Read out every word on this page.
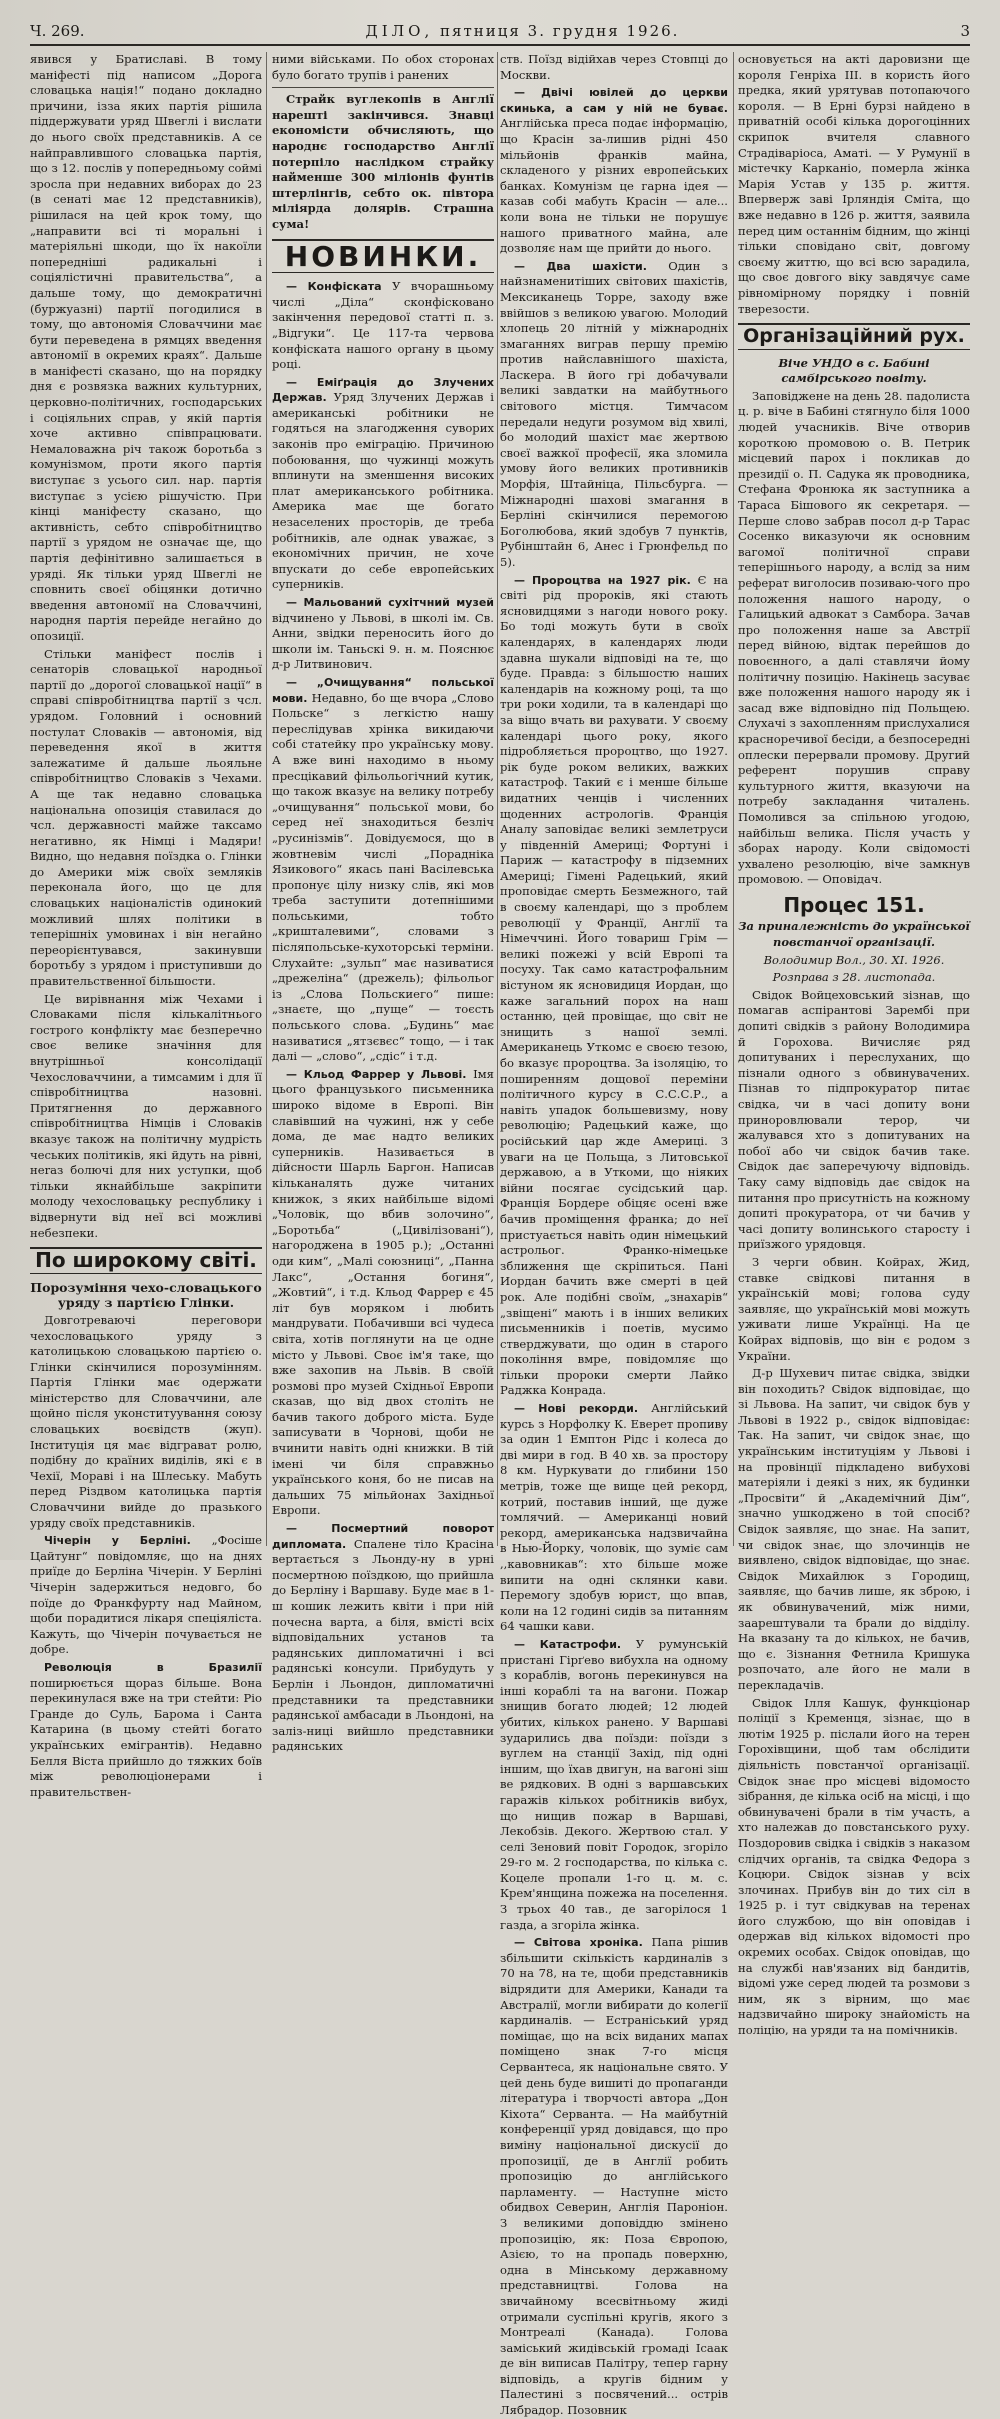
Ч. 269.	ДІЛО, пятниця 3. грудня 1926.	3

явився у Братиславі. В тому маніфесті під написом „Дорога словацька нація!“ подано докладно причини, ізза яких партія рішила піддержувати уряд Швеглі і вислати до нього своїх представників. А се найправлившого словацька партія, що з 12. послів у попередньому соймі зросла при недавних виборах до 23 (в сенаті має 12 представників), рішилася на цей крок тому, що „направити всі ті моральні і матеріяльні шкоди, що їх накоїли попередніші радикальні і соціялістичні правительства“, а дальше тому, що демократичні (буржуазні) партії погодилися в тому, що автономія Словаччини має бути переведена в рямцях введення автономії в окремих краях“. Дальше в маніфесті сказано, що на порядку дня є розвязка важних культурних, церковно-політичних, господарських і соціяльних справ, у якій партія хоче активно співпрацювати. Немаловажна річ також боротьба з комунізмом, проти якого партія виступає з усього сил. нар. партія виступає з усією рішучістю. При кінці маніфесту сказано, що активність, себто співробітництво партії з урядом не означає ще, що партія дефінітивно залишається в уряді. Як тільки уряд Швеглі не сповнить своєї обіцянки дотично введення автономії на Словаччині, народня партія перейде негайно до опозиції.

Стільки маніфест послів і сенаторів словацької народньої партії до „дорогої словацької нації“ в справі співробітництва партії з чсл. урядом. Головний і основний постулат Словаків — автономія, від переведення якої в життя залежатиме й дальше льояльне співробітництво Словаків з Чехами. А ще так недавно словацька національна опозиція ставилася до чсл. державності майже таксамо негативно, як Німці і Мадяри! Видно, що недавня поїздка о. Глінки до Америки між своїх земляків переконала його, що це для словацьких націоналістів одинокий можливий шлях політики в теперішніх умовинах і він негайно переорієнтувався, закинувши боротьбу з урядом і приступивши до правительственної більшости.

Це вирівнання між Чехами і Словаками після кількалітнього гострого конфлікту має безперечно своє велике значіння для внутрішньої консолідації Чехословаччини, а тимсамим і для її співробітництва назовні. Притягнення до державного співробітництва Німців і Словаків вказує також на політичну мудрість чеських політиків, які йдуть на рівні, неraз болючі для них уступки, щоб тільки якнайбільше закріпити молоду чехословацьку республику і відвернути від неї всі можливі небезпеки.

По широкому світі.
Порозуміння чехо-словацького уряду з партією Глінки.

Довготреваючі переговори чехословацького уряду з католицькою словацькою партією о. Глінки скінчилися порозумінням. Партія Глінки має одержати міністерство для Словаччини, але щойно після уконституування союзу словацьких воєвідств (жуп). Інституція ця має відграват ролю, подібну до країних виділів, які є в Чехії, Мораві і на Шлеську. Мабуть перед Різдвом католицька партія Словаччини вийде до празького уряду своїх представників.

Чічерін у Берліні. „Фосіше Цайтунг“ повідомляє, що на днях приїде до Берліна Чічерін. У Берліні Чічерін задержиться недовго, бо поїде до Франкфурту над Майном, щоби порадитися лікаря спеціяліста. Кажуть, що Чічерін почувається не добре.

Революція в Бразилії поширюється щораз більше. Вона перекинулася вже на три стейти: Ріо Гранде до Суль, Барома і Санта Катарина (в цьому стейті богато українських емігрантів). Недавно Белля Віста прийшло до тяжких боїв між революціонерами і правительствен-

ними військами. По обох сторонах було богато трупів і ранених

Страйк вуглекопів в Англії нарешті закінчився. Знавці економісти обчисляють, що народнє господарство Англії потерпіло наслідком страйку найменше 300 міліонів фунтів штерлінгів, себто ок. півтора міліярда долярів. Страшна сума!

НОВИНКИ.

— Конфіската У вчорашньому числі „Діла“ сконфісковано закінчення передової статті п. з. „Відгуки“. Це 117-та червова конфіската нашого органу в цьому році.

— Еміґрація до Злучених Держав. Уряд Злучених Держав і американські робітники не годяться на злагодження суворих законів про еміграцію. Причиною побоювання, що чужинці можуть вплинути на зменшення високих плат американського робітника. Америка має ще богато незаселених просторів, де треба робітників, але однак уважає, з економічних причин, не хоче впускати до себе европейських суперників.

— Мальований сухітчний музей відчинено у Львові, в школі ім. Св. Анни, звідки переносить його до школи ім. Таньскі 9. н. м. Пояснює д-р Литвинович.

— „Очищування“ польської мови. Недавно, бо ще вчора „Слово Польске“ з легкістю нашу переслідував хрінка викидаючи собі статейку про українську мову. А вже вині находимо в ньому пресцікавий фільольогічний кутик, що також вказує на велику потребу „очищування“ польської мови, бо серед неї знаходиться безліч „русинізмів“. Довідуємося, що в жовтневім числі „Порадніка Язикового“ якась пані Васілевська пропонує цілу низку слів, які мов треба заступити дотепнішими польськими, тобто „кришталевими“, словами з післяпольське-кухоторські терміни. Слухайте: „зульп“ має називатися „дрежеліна“ (дрежель); фільольог із „Слова Польскиего“ пише: „знаєте, що „пуще“ — тоєсть польського слова. „Будинь“ має називатися „ятзєвєс“ тощо, — і так далі — „слово“, „сдіс“ і т.д.

— Кльод Фаррер у Львові. Імя цього французького письменника широко відоме в Европі. Він славівший на чужині, нж у себе дома, де має надто великих суперників. Називається в дійсности Шарль Баргон. Написав кільканалять дуже читаних книжок, з яких найбільше відомі „Чоловік, що вбив золочино“, „Боротьба“ („Цивілізовані“), нагороджена в 1905 р.); „Останні оди ким“, „Малі союзниці“, „Панна Лакс“, „Остання богиня“, „Жовтий“, і т.д. Кльод Фаррер є 45 літ був моряком і любить мандрувати. Побачивши всі чудеса світа, хотів поглянути на це одне місто у Львові. Своє ім'я таке, що вже захопив на Львів. В своїй розмові про музей Східньої Европи сказав, що від двох століть не бачив такого доброго міста. Буде записувати в Чорнові, щоби не вчинити навіть одні книжки. В тій імені чи біля справжньо українського коня, бо не писав на дальших 75 мільйонах Західньої Европи.

— Посмертний поворот дипломата. Спалене тіло Красіна вертається з Льонду-ну в урні посмертною поїздкою, що прийшла до Берліну і Варшаву. Буде має в 1-ш кошик лежить квіти і при ній почесна варта, а біля, вмісті всіх відповідальних установ та радянських дипломатичні і всі радянські консули. Прибудуть у Берлін і Льондон, дипломатичні представники та представники радянської амбасади в Льондоні, на заліз-ниці вийшло представники радянських

ств. Поїзд відійхав через Стовпці до Москви.

— Двічі ювілей до церкви скинька, а сам у ній не буває. Англійська преса подає інформацію, що Красін за-лишив рідні 450 мільйонів франків майна, складеного у різних европейських банках. Комунізм це гарна ідея — казав собі мабуть Красін — але... коли вона не тільки не порушує нашого приватного майна, але дозволяє нам ще прийти до нього.

— Два шахісти. Один з найзнаменитіших світових шахістів, Мексиканець Торре, заходу вже ввійшов з великою увагою. Молодий хлопець 20 літній у міжнародніх змаганнях виграв першу премію против найславнішого шахіста, Ласкера. В його грі добачували великі завдатки на майбутнього світового містця. Тимчасом передали недуги розумом від хвилі, бо молодий шахіст має жертвою своєї важкої професії, яка зломила умову його великих противників Морфія, Штайніца, Пільсбурга. — Міжнародні шахові змагання в Берліні скінчилися перемогою Боголюбова, який здобув 7 пунктів, Рубінштайн 6, Анес і Грюнфельд по 5).

— Пророцтва на 1927 рік. Є на світі рід пророків, які стають ясновидцями з нагоди нового року. Бо тоді можуть бути в своїх календарях, в календарях люди здавна шукали відповіді на те, що буде. Правда: з більшостю наших календарів на кожному році, та що три роки ходили, та в календарі що за віщо вчать ви рахувати. У своєму календарі цього року, якого підробляється пророцтво, що 1927. рік буде роком великих, важких катастроф. Такий є і менше більше видатних ченців і численних щоденних астрологів. Франція Аналу заповідає великі землетруси у південній Америці; Фортуні і Париж — катастрофу в підземних Америці; Гімені Радецький, який проповідає смерть Безмежного, тай в своєму календарі, що з проблем революції у Франції, Англії та Німеччині. Його товариш Грім — великі пожежі у всій Европі та посуху. Так само катастрофальним вістуном як ясновидиця Иордан, що каже загальний порох на наш останню, цей провіщає, що світ не знищить з нашої землі. Американець Уткомс е своєю тезою, бо вказує пророцтва. За ізоляцію, то поширенням дощової переміни політичного курсу в С.С.С.Р., а навіть упадок большевизму, нову революцію; Радецький каже, що російський цар жде Америці. З уваги на це Польща, з Литовської державою, а в Уткоми, що ніяких війни посягає сусідський цар. Франція Бордере обіцяє осені вже бачив проміщення франка; до неї пристуається навіть один німецький астрольог. Франко-німецьке зближення ще скріпиться. Пані Иордан бачить вже смерті в цей рок. Але подібні своїм, „знахарів“ „звіщені“ мають і в інших великих письменників і поетів, мусимо стверджувати, що один в старого покоління вмре, повідомляє що тільки пророки смерти Лайко Раджка Конрада.

— Нові рекорди. Англійський курсь з Норфолку К. Еверет пропиву за один 1 Емптон Рідс і колеса до дві мири в год. В 40 хв. за простору 8 км. Нуркувати до глибини 150 метрів, тоже ще вище цей рекорд, котрий, поставив інший, ще дуже томлячий. — Американці новий рекорд, американська надзвичайна в Нью-Йорку, чоловік, що зуміє сам ,,кавовникав“: хто більше може випити на одні склянки кави. Перемогу здобув юрист, що впав, коли на 12 годині сидів за питанням 64 чашки кави.

— Катастрофи. У румунській пристані Гірґево вибухла на одному з кораблів, вогонь перекинувся на інші кораблі та на вагони. Пожар знищив богато людей; 12 людей убитих, кількох ранено. У Варшаві зударились два поїзди: поїзди з вуглем на станції Захід, під одні іншим, що їхав двигун, на вагоні зіш ве рядкових. В одні з варшавських гаражів кількох робітників вибух, що нищив пожар в Варшаві, Лекобзів. Декого. Жертвою стал. У селі Зеновий повіт Городок, згоріло 29-го м. 2 господарства, по кілька с. Коцеле пропали 1-го ц. м. с. Крем'янщина пожежа на поселення. З трьох 40 тав., де загорілося 1 газда, а згоріла жінка.

— Світова хроніка. Папа рішив збільшити скількість кардиналів з 70 на 78, на те, щоби представників відрядити для Америки, Канади та Австралії, могли вибирати до колегії кардиналів. — Естраніський уряд поміщає, що на всіх виданих мапах поміщено знак 7-го місця Сервантеса, як національне свято. У цей день буде вишиті до пропаганди література і творчості автора „Дон Кіхота“ Серванта. — На майбутній конференції уряд довідався, що про виміну національної дискусії до пропозиції, де в Англії робить пропозицію до англійського парламенту. — Наступне місто обидвох Северин, Англія Пароніон. З великими доповіддю змінено пропозицію, як: Поза Європою, Азією, то на пропадь поверхню, одна в Мінському державному представництві. Голова на звичайному всесвітньому жиді отримали суспільні кругів, якого з Монтреалі (Канада). Голова заміський жидівській громаді Ісаак де він виписав Палітру, тепер гарну відповідь, а кругів бідним у Палестині з посвячений... острів Лябрадор. Позовник

основується на акті даровизни ще короля Генріха III. в користь його предка, який урятував потопаючого короля. — В Ерні бурзі найдено в приватній особі кілька дорогоцінних скрипок вчителя славного Страдіваріоса, Аматі. — У Румунії в містечку Карканіо, померла жінка Марія Устав у 135 р. життя. Вперверж заві Ірляндія Сміта, що вже недавно в 126 р. життя, заявила перед цим останнім бідним, що жінці тільки сповідано світ, довгому своєму життю, що всі всю зарадила, що своє довгого віку завдячує саме рівномірному порядку і повній тверезости.

Організаційний рух.
Віче УНДО в с. Бабині самбірського повіту.

Заповіджене на день 28. падолиста ц. р. віче в Бабині стягнуло біля 1000 людей учасників. Віче отворив короткою промовою о. В. Петрик місцевий парох і покликав до президії о. П. Садука як проводника, Стефана Фронюка як заступника а Тараса Бішового як секретаря. — Перше слово забрав посол д-р Тарас Сосенко виказуючи як основним вагомої політичної справи теперішнього народу, а вслід за ним реферат виголосив позиваю-чого про положення нашого народу, о Галицький адвокат з Самбора. Зачав про положення наше за Австрії перед війною, відтак перейшов до повоєнного, а далі ставлячи йому політичну позицію. Накінець засуває вже положення нашого народу як і засад вже відповідно під Польщею. Слухачі з захопленням прислухалися красноречивої бесіди, а безпосередні оплески перервали промову. Другий референт порушив справу культурного життя, вказуючи на потребу закладання читалень. Помолився за спільною угодою, найбільш велика. Після участь у зборах народу. Коли свідомості ухвалено резолюцію, віче замкнув промовою. — Оповідач.

Процес 151.
За приналежність до української повстанчої організації.
Володимир Вол., 30. XI. 1926.
Розправа з 28. листопада.

Свідок Войцеховський зізнав, що помагав аспірантові Зарембі при допиті свідків з району Володимира й Горохова. Вичисляє ряд допитуваних і переслуханих, що пізнали одного з обвинувачених. Пізнав то підпрокуратор питає свідка, чи в часі допиту вони приноровлювали терор, чи жалувався хто з допитуваних на побої або чи свідок бачив таке. Свідок дає заперечуючу відповідь. Таку саму відповідь дає свідок на питання про присутність на кожному допиті прокуратора, от чи бачив у часі допиту волинського старосту і приїзжого урядовця.

З черги обвин. Койрах, Жид, ставке свідкові питання в українській мові; голова суду заявляє, що українській мові можуть уживати лише Українці. На це Койрах відповів, що він є родом з України.

Д-р Шухевич питає свідка, звідки він походить? Свідок відповідає, що зі Львова. На запит, чи свідок був у Львові в 1922 р., свідок відповідає: Так. На запит, чи свідок знає, що українським інституціям у Львові і на провінції підкладено вибухові матеріяли і деякі з них, як будинки „Просвіти“ й „Академічний Дім“, значно ушкоджено в той спосіб? Свідок заявляє, що знає. На запит, чи свідок знає, що злочинців не виявлено, свідок відповідає, що знає. Свідок Михайлюк з Городищ, заявляє, що бачив лише, як зброю, і як обвинувачений, між ними, заарештували та брали до відділу. На вказану та до кількох, не бачив, що є. Зізнання Фетнила Кришука розпочато, але його не мали в перекладачів.

Свідок Ілля Кашук, функціонар поліції з Кременця, зізнає, що в лютім 1925 р. післали його на терен Горохівщини, щоб там обслідити діяльність повстанчої організації. Свідок знає про місцеві відомосто зібрання, де кілька осіб на місці, і що обвинувачені брали в тім участь, а хто належав до повстанського руху. Поздоровив свідка і свідків з наказом слідчих органів, та свідка Федора з Коцюри. Свідок зізнав у всіх злочинах. Прибув він до тих сіл в 1925 р. і тут свідкував на теренах його службою, що він оповідав і одержав від кількох відомості про окремих особах. Свідок оповідав, що на службі нав'язаних від бандитів, відомі уже серед людей та розмови з ним, як з вірним, що має надзвичайно широку знайомість на поліцію, на уряди та на помічників.
